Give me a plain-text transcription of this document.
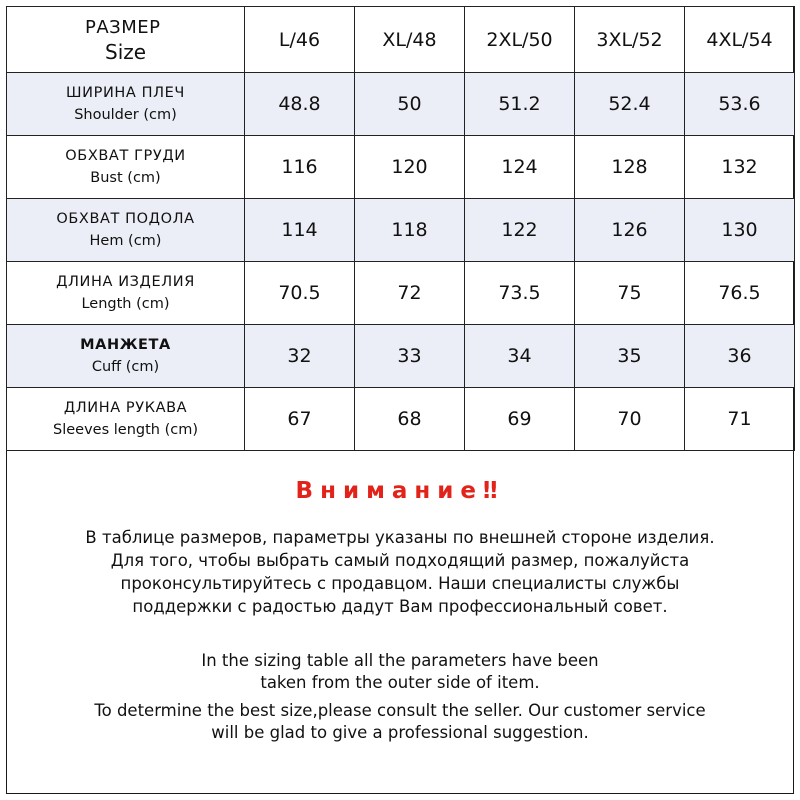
РАЗМЕР
Size	L/46	XL/48	2XL/50	3XL/52	4XL/54

ШИРИНА ПЛЕЧ
Shoulder (cm)	48.8	50	51.2	52.4	53.6

ОБХВАТ ГРУДИ
Bust (cm)	116	120	124	128	132

ОБХВАТ ПОДОЛА
Hem (cm)	114	118	122	126	130

ДЛИНА ИЗДЕЛИЯ
Length (cm)	70.5	72	73.5	75	76.5

МАНЖЕТА
Cuff (cm)	32	33	34	35	36

ДЛИНА РУКАВА
Sleeves length (cm)	67	68	69	70	71
Внимание‼
В таблице размеров, параметры указаны по внешней стороне изделия.
Для того, чтобы выбрать самый подходящий размер, пожалуйста
проконсультируйтесь с продавцом. Наши специалисты службы
поддержки с радостью дадут Вам профессиональный совет.
In the sizing table all the parameters have been
taken from the outer side of item.
To determine the best size,please consult the seller. Our customer service
will be glad to give a professional suggestion.
